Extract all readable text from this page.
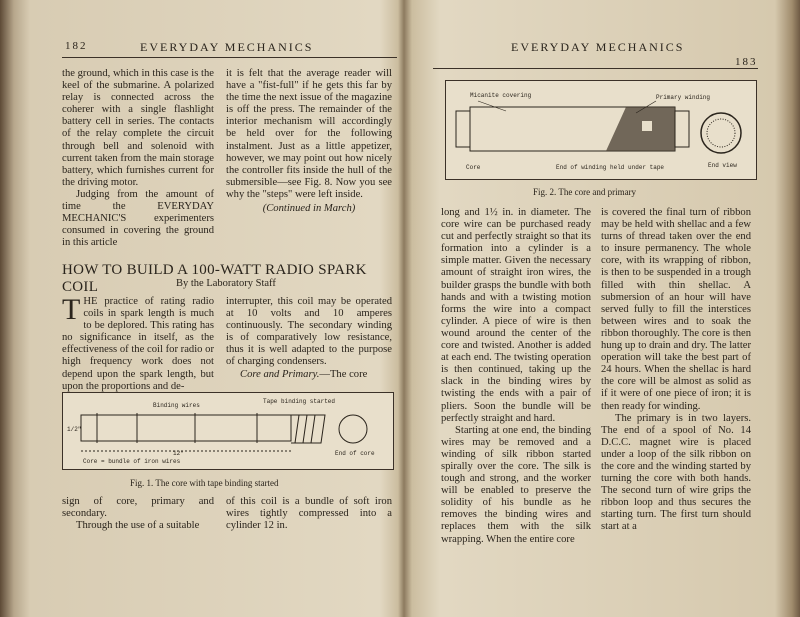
182	EVERYDAY MECHANICS

the ground, which in this case is the keel of the submarine. A polarized relay is connected across the coherer with a single flashlight battery cell in series. The contacts of the relay complete the circuit through bell and solenoid with current taken from the main storage battery, which furnishes current for the driving motor.

Judging from the amount of time the EVERYDAY MECHANIC'S experimenters consumed in covering the ground in this article

it is felt that the average reader will have a "fist-full" if he gets this far by the time the next issue of the magazine is off the press. The remainder of the interior mechanism will accordingly be held over for the following instalment. Just as a little appetizer, however, we may point out how nicely the controller fits inside the hull of the submersible—see Fig. 8. Now you see why the "steps" were left inside.

(Continued in March)

HOW TO BUILD A 100-WATT RADIO SPARK COIL	By the Laboratory Staff
T HE practice of rating radio coils in spark length is much to be deplored. This rating has no significance in itself, as the effectiveness of the coil for radio or high frequency work does not depend upon the spark length, but upon the proportions and de-

interrupter, this coil may be operated at 10 volts and 10 amperes continuously. The secondary winding is of comparatively low resistance, thus it is well adapted to the purpose of charging condensers.

Core and Primary.—The core

Binding wires
Tape binding started
1/2"
12"
Core = bundle of iron wires
End of core
Fig. 1. The core with tape binding started

sign of core, primary and secondary.

Through the use of a suitable

of this coil is a bundle of soft iron wires tightly compressed into a cylinder 12 in.

EVERYDAY MECHANICS
183
Micanite covering	Primary winding
Core	End of winding held under tape	End view
Fig. 2. The core and primary

long and 1½ in. in diameter. The core wire can be purchased ready cut and perfectly straight so that its formation into a cylinder is a simple matter. Given the necessary amount of straight iron wires, the builder grasps the bundle with both hands and with a twisting motion forms the wire into a compact cylinder. A piece of wire is then wound around the center of the core and twisted. Another is added at each end. The twisting operation is then continued, taking up the slack in the binding wires by twisting the ends with a pair of pliers. Soon the bundle will be perfectly straight and hard.

Starting at one end, the binding wires may be removed and a winding of silk ribbon started spirally over the core. The silk is tough and strong, and the worker will be enabled to preserve the solidity of his bundle as he removes the binding wires and replaces them with the silk wrapping. When the entire core

is covered the final turn of ribbon may be held with shellac and a few turns of thread taken over the end to insure permanency. The whole core, with its wrapping of ribbon, is then to be suspended in a trough filled with thin shellac. A submersion of an hour will have served fully to fill the interstices between wires and to soak the ribbon thoroughly. The core is then hung up to drain and dry. The latter operation will take the best part of 24 hours. When the shellac is hard the core will be almost as solid as if it were of one piece of iron; it is then ready for winding.

The primary is in two layers. The end of a spool of No. 14 D.C.C. magnet wire is placed under a loop of the silk ribbon on the core and the winding started by turning the core with both hands. The second turn of wire grips the ribbon loop and thus secures the starting turn. The first turn should start at a
